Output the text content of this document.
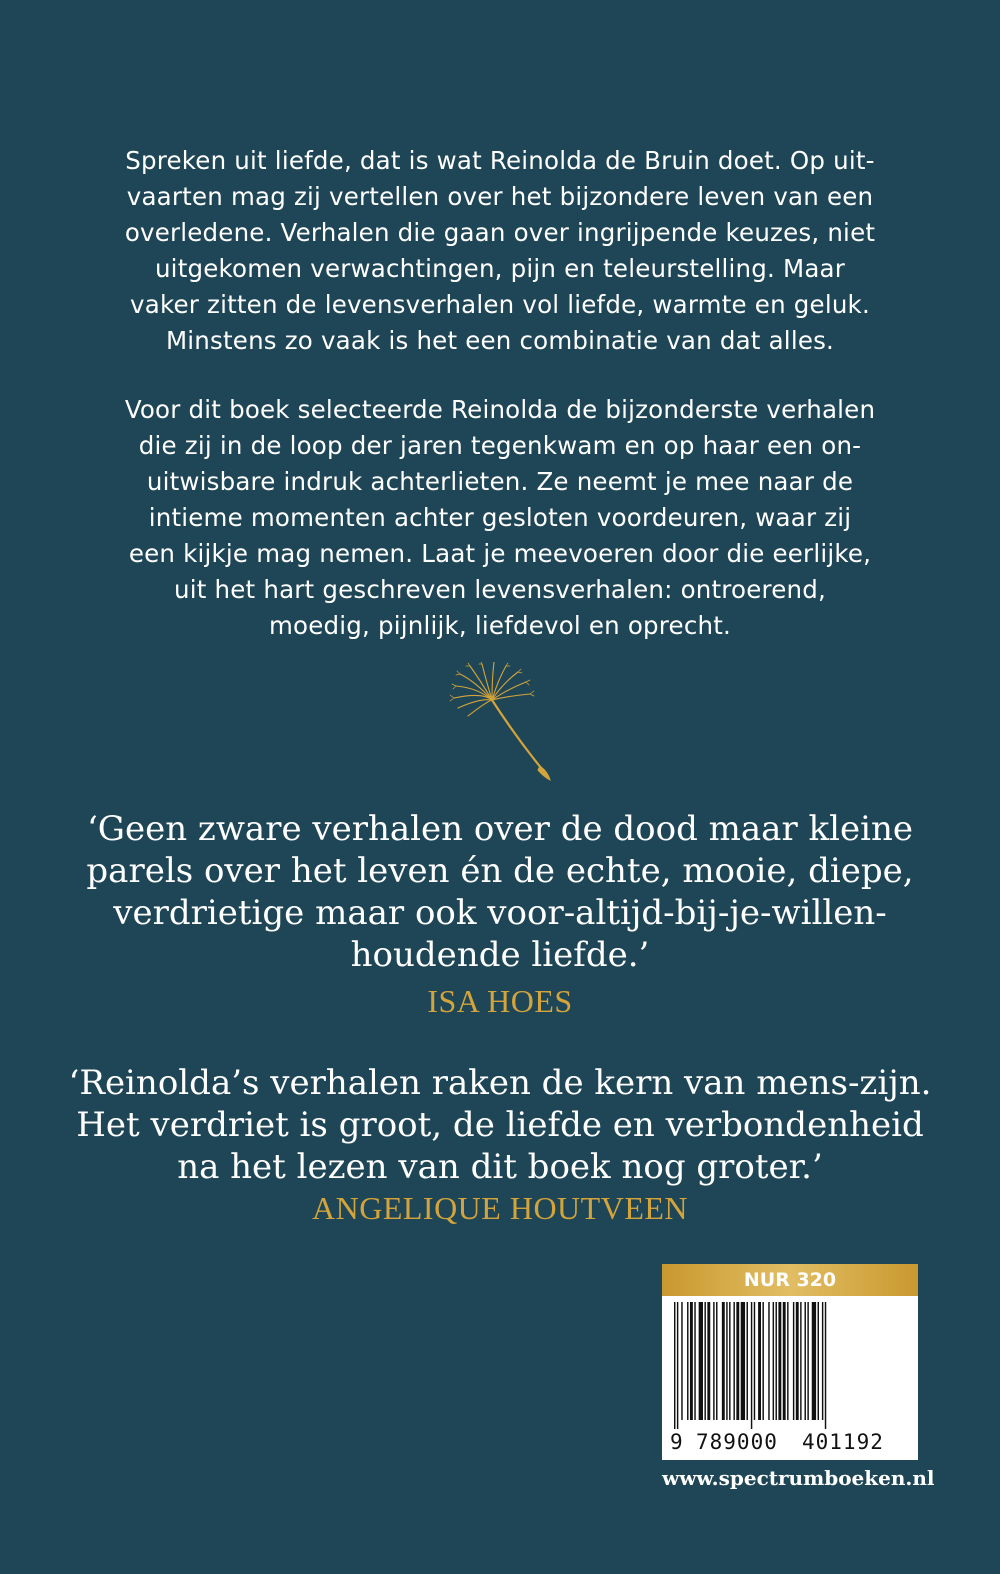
Spreken uit liefde, dat is wat Reinolda de Bruin doet. Op uit-
vaarten mag zij vertellen over het bijzondere leven van een
overledene. Verhalen die gaan over ingrijpende keuzes, niet
uitgekomen verwachtingen, pijn en teleurstelling. Maar
vaker zitten de levensverhalen vol liefde, warmte en geluk.
Minstens zo vaak is het een combinatie van dat alles.
Voor dit boek selecteerde Reinolda de bijzonderste verhalen
die zij in de loop der jaren tegenkwam en op haar een on-
uitwisbare indruk achterlieten. Ze neemt je mee naar de
intieme momenten achter gesloten voordeuren, waar zij
een kijkje mag nemen. Laat je meevoeren door die eerlijke,
uit het hart geschreven levensverhalen: ontroerend,
moedig, pijnlijk, liefdevol en oprecht.
‘Geen zware verhalen over de dood maar kleine
parels over het leven én de echte, mooie, diepe,
verdrietige maar ook voor-altijd-bij-je-willen-
houdende liefde.’
ISA HOES
‘Reinolda’s verhalen raken de kern van mens-zijn.
Het verdriet is groot, de liefde en verbondenheid
na het lezen van dit boek nog groter.’
ANGELIQUE HOUTVEEN
NUR 320
9 789000 401192
www.spectrumboeken.nl
